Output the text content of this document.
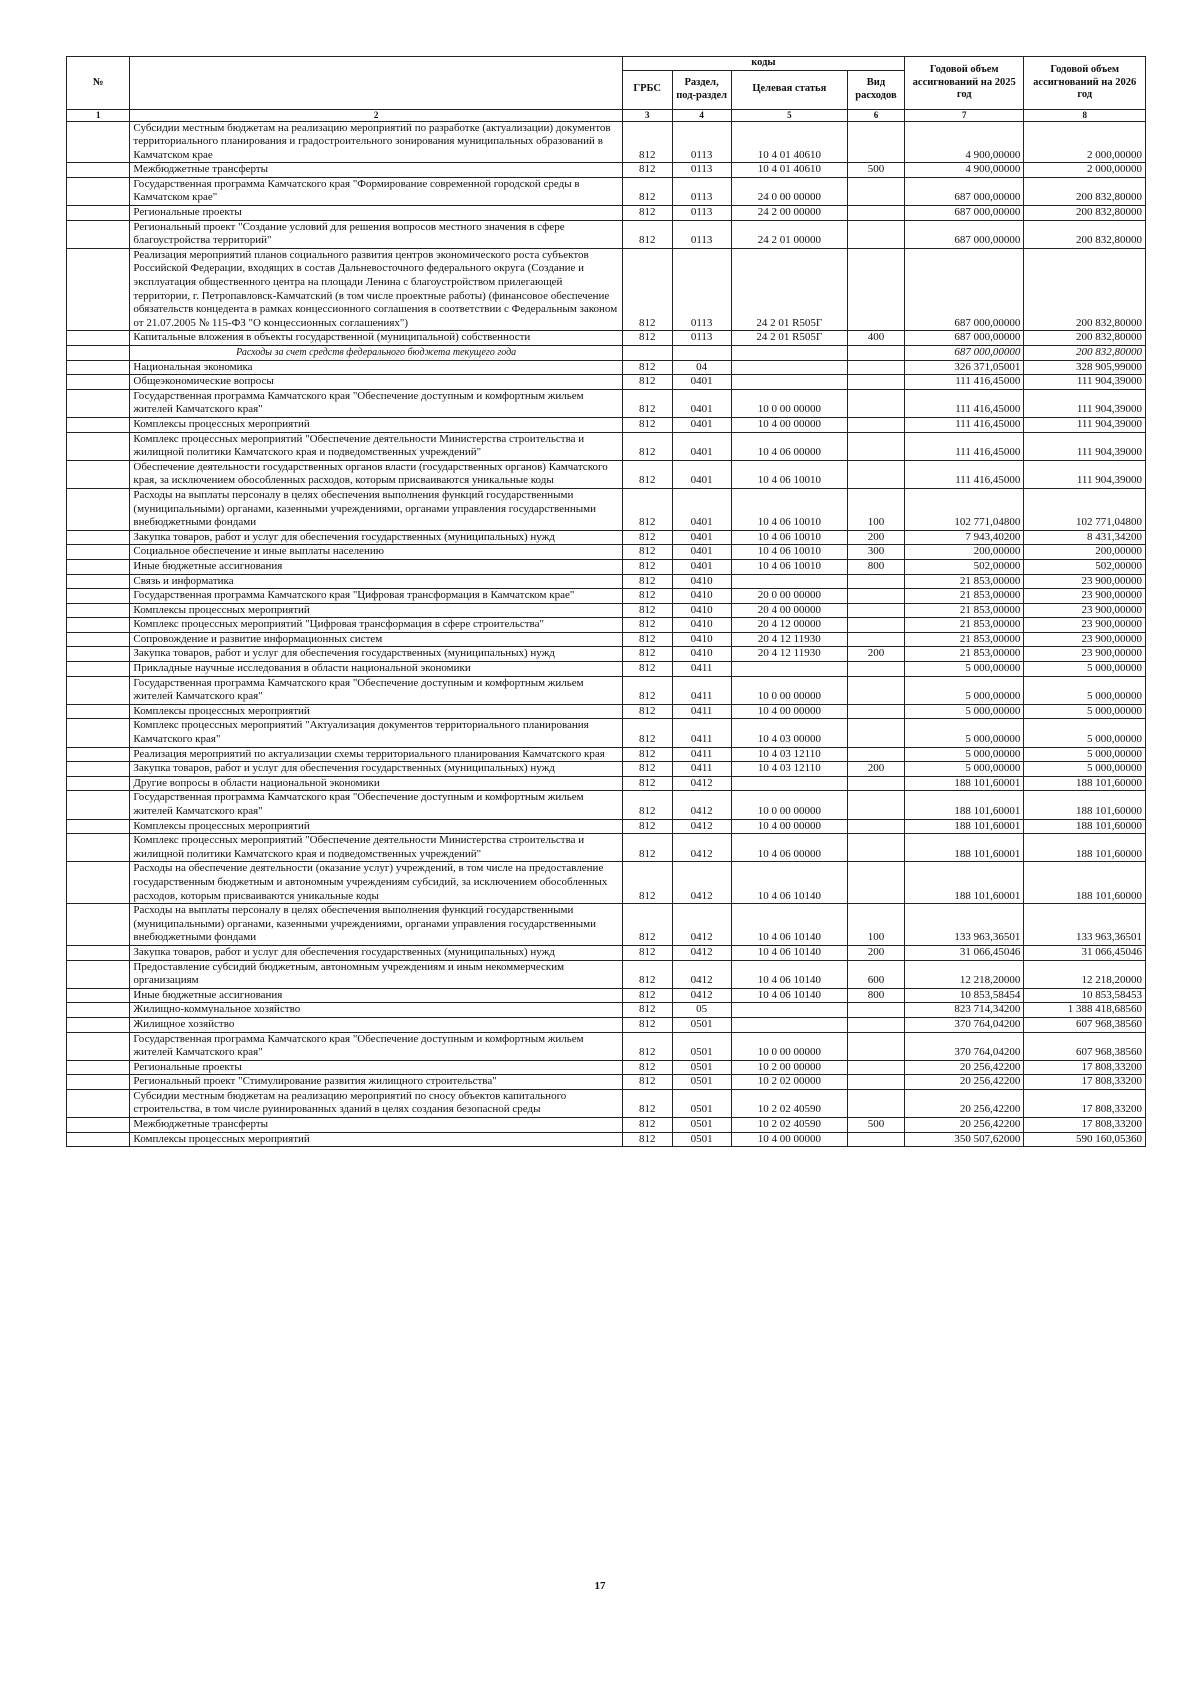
№		коды				Годовой объем ассигнований на 2025 год	Годовой объем ассигнований на 2026 год
		ГРБС	Раздел, под-раздел	Целевая статья	Вид расходов		
1	2	3	4	5	6	7	8
	Субсидии местным бюджетам на реализацию мероприятий по разработке (актуализации) документов территориального планирования и градостроительного зонирования муниципальных образований в Камчатском крае	812	0113	10 4 01 40610		4 900,00000	2 000,00000
	Межбюджетные трансферты	812	0113	10 4 01 40610	500	4 900,00000	2 000,00000
	Государственная программа Камчатского края "Формирование современной городской среды в Камчатском крае"	812	0113	24 0 00 00000		687 000,00000	200 832,80000
	Региональные проекты	812	0113	24 2 00 00000		687 000,00000	200 832,80000
	Региональный проект "Создание условий для решения вопросов местного значения в сфере благоустройства территорий"	812	0113	24 2 01 00000		687 000,00000	200 832,80000
	Реализация мероприятий планов социального развития центров экономического роста субъектов Российской Федерации, входящих в состав Дальневосточного федерального округа (Создание и эксплуатация общественного центра на площади Ленина с благоустройством прилегающей территории, г. Петропавловск-Камчатский (в том числе проектные работы) (финансовое обеспечение обязательств концедента в рамках концессионного соглашения в соответствии с Федеральным законом от 21.07.2005 № 115-ФЗ "О концессионных соглашениях")	812	0113	24 2 01 R505Г		687 000,00000	200 832,80000
	Капитальные вложения в объекты государственной (муниципальной) собственности	812	0113	24 2 01 R505Г	400	687 000,00000	200 832,80000
	Расходы за счет средств федерального бюджета текущего года					687 000,00000	200 832,80000
	Национальная экономика	812	04			326 371,05001	328 905,99000
	Общеэкономические вопросы	812	0401			111 416,45000	111 904,39000
	Государственная программа Камчатского края "Обеспечение доступным и комфортным жильем жителей Камчатского края"	812	0401	10 0 00 00000		111 416,45000	111 904,39000
	Комплексы процессных мероприятий	812	0401	10 4 00 00000		111 416,45000	111 904,39000
	Комплекс процессных мероприятий "Обеспечение деятельности Министерства строительства и жилищной политики Камчатского края и подведомственных учреждений"	812	0401	10 4 06 00000		111 416,45000	111 904,39000
	Обеспечение деятельности государственных органов власти (государственных органов) Камчатского края, за исключением обособленных расходов, которым присваиваются уникальные коды	812	0401	10 4 06 10010		111 416,45000	111 904,39000
	Расходы на выплаты персоналу в целях обеспечения выполнения функций государственными (муниципальными) органами, казенными учреждениями, органами управления государственными внебюджетными фондами	812	0401	10 4 06 10010	100	102 771,04800	102 771,04800
	Закупка товаров, работ и услуг для обеспечения государственных (муниципальных) нужд	812	0401	10 4 06 10010	200	7 943,40200	8 431,34200
	Социальное обеспечение и иные выплаты населению	812	0401	10 4 06 10010	300	200,00000	200,00000
	Иные бюджетные ассигнования	812	0401	10 4 06 10010	800	502,00000	502,00000
	Связь и информатика	812	0410			21 853,00000	23 900,00000
	Государственная программа Камчатского края "Цифровая трансформация в Камчатском крае"	812	0410	20 0 00 00000		21 853,00000	23 900,00000
	Комплексы процессных мероприятий	812	0410	20 4 00 00000		21 853,00000	23 900,00000
	Комплекс процессных мероприятий "Цифровая трансформация в сфере строительства"	812	0410	20 4 12 00000		21 853,00000	23 900,00000
	Сопровождение и развитие информационных систем	812	0410	20 4 12 11930		21 853,00000	23 900,00000
	Закупка товаров, работ и услуг для обеспечения государственных (муниципальных) нужд	812	0410	20 4 12 11930	200	21 853,00000	23 900,00000
	Прикладные научные исследования в области национальной экономики	812	0411			5 000,00000	5 000,00000
	Государственная программа Камчатского края "Обеспечение доступным и комфортным жильем жителей Камчатского края"	812	0411	10 0 00 00000		5 000,00000	5 000,00000
	Комплексы процессных мероприятий	812	0411	10 4 00 00000		5 000,00000	5 000,00000
	Комплекс процессных мероприятий "Актуализация документов территориального планирования Камчатского края"	812	0411	10 4 03 00000		5 000,00000	5 000,00000
	Реализация мероприятий по актуализации схемы территориального планирования Камчатского края	812	0411	10 4 03 12110		5 000,00000	5 000,00000
	Закупка товаров, работ и услуг для обеспечения государственных (муниципальных) нужд	812	0411	10 4 03 12110	200	5 000,00000	5 000,00000
	Другие вопросы в области национальной экономики	812	0412			188 101,60001	188 101,60000
	Государственная программа Камчатского края "Обеспечение доступным и комфортным жильем жителей Камчатского края"	812	0412	10 0 00 00000		188 101,60001	188 101,60000
	Комплексы процессных мероприятий	812	0412	10 4 00 00000		188 101,60001	188 101,60000
	Комплекс процессных мероприятий "Обеспечение деятельности Министерства строительства и жилищной политики Камчатского края и подведомственных учреждений"	812	0412	10 4 06 00000		188 101,60001	188 101,60000
	Расходы на обеспечение деятельности (оказание услуг) учреждений, в том числе на предоставление государственным бюджетным и автономным учреждениям субсидий, за исключением обособленных расходов, которым присваиваются уникальные коды	812	0412	10 4 06 10140		188 101,60001	188 101,60000
	Расходы на выплаты персоналу в целях обеспечения выполнения функций государственными (муниципальными) органами, казенными учреждениями, органами управления государственными внебюджетными фондами	812	0412	10 4 06 10140	100	133 963,36501	133 963,36501
	Закупка товаров, работ и услуг для обеспечения государственных (муниципальных) нужд	812	0412	10 4 06 10140	200	31 066,45046	31 066,45046
	Предоставление субсидий бюджетным, автономным учреждениям и иным некоммерческим организациям	812	0412	10 4 06 10140	600	12 218,20000	12 218,20000
	Иные бюджетные ассигнования	812	0412	10 4 06 10140	800	10 853,58454	10 853,58453
	Жилищно-коммунальное хозяйство	812	05			823 714,34200	1 388 418,68560
	Жилищное хозяйство	812	0501			370 764,04200	607 968,38560
	Государственная программа Камчатского края "Обеспечение доступным и комфортным жильем жителей Камчатского края"	812	0501	10 0 00 00000		370 764,04200	607 968,38560
	Региональные проекты	812	0501	10 2 00 00000		20 256,42200	17 808,33200
	Региональный проект "Стимулирование развития жилищного строительства"	812	0501	10 2 02 00000		20 256,42200	17 808,33200
	Субсидии местным бюджетам на реализацию мероприятий по сносу объектов капитального строительства, в том числе руинированных зданий в целях создания безопасной среды	812	0501	10 2 02 40590		20 256,42200	17 808,33200
	Межбюджетные трансферты	812	0501	10 2 02 40590	500	20 256,42200	17 808,33200
	Комплексы процессных мероприятий	812	0501	10 4 00 00000		350 507,62000	590 160,05360
17
